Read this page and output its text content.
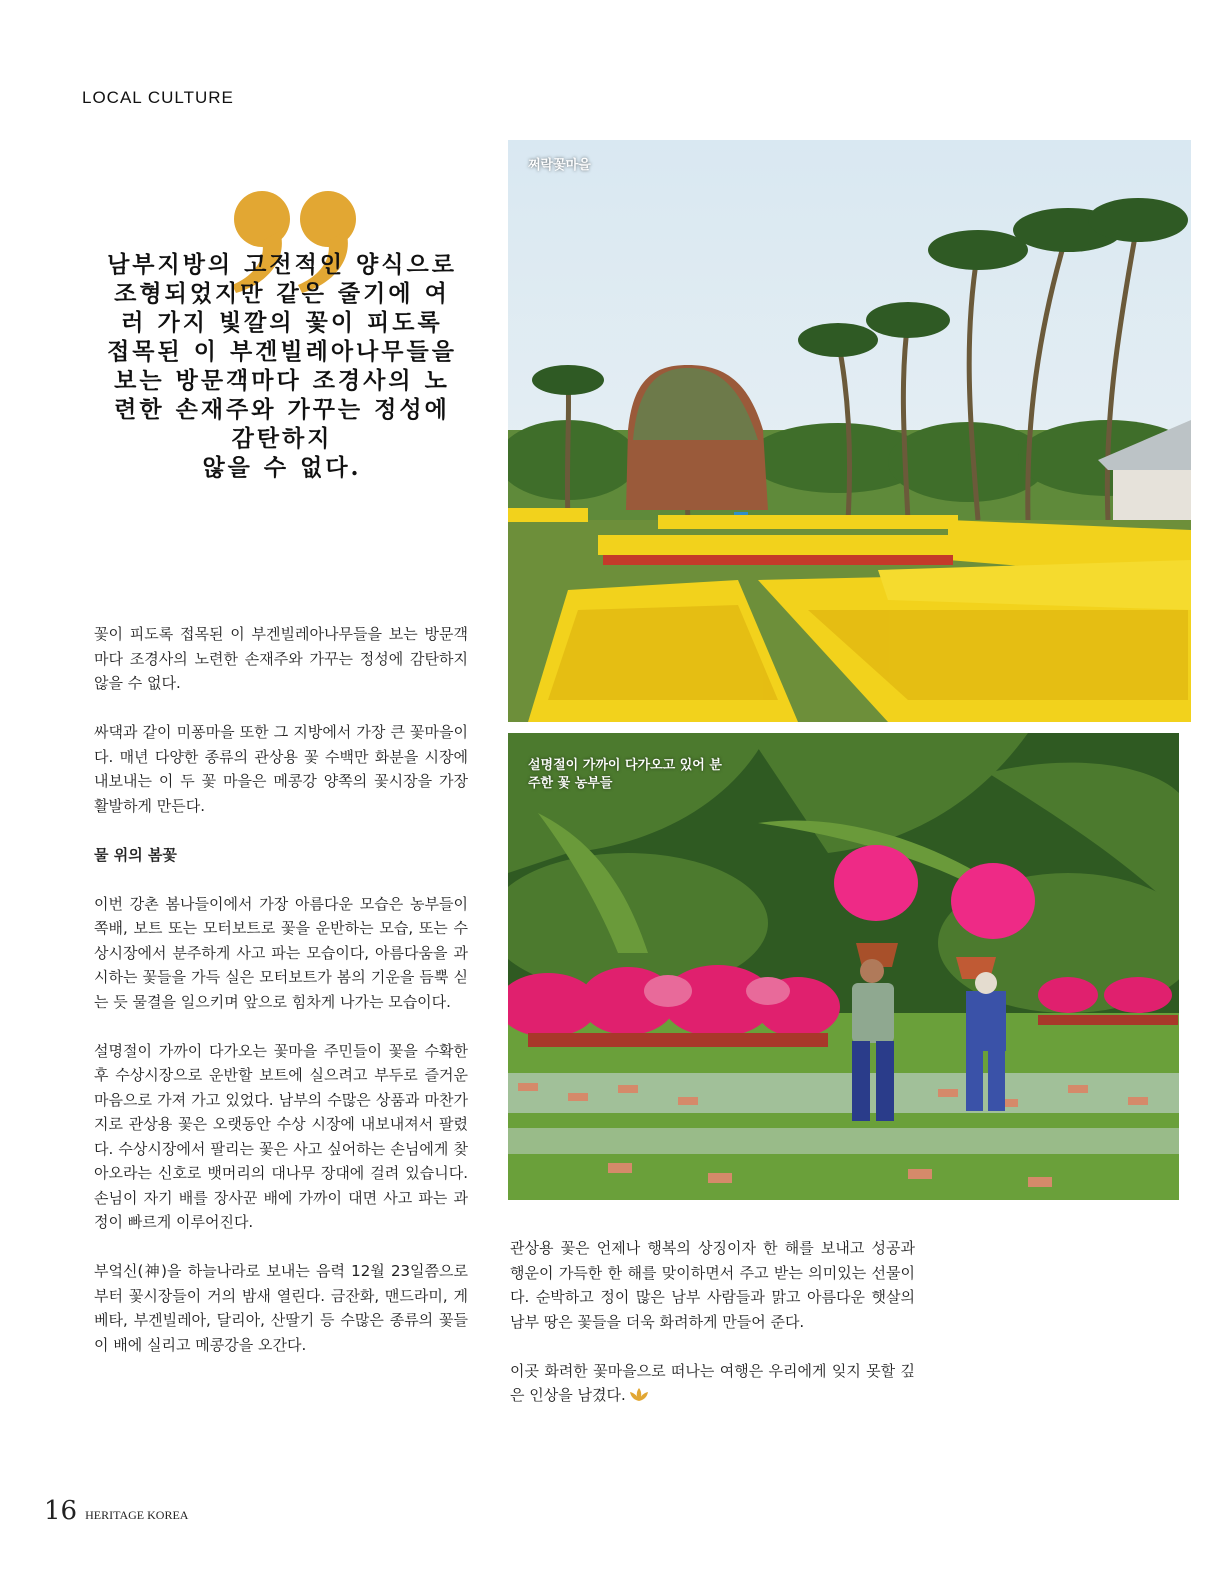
LOCAL CULTURE

남부지방의 고전적인 양식으로

조형되었지만 같은 줄기에 여

러 가지 빛깔의 꽃이 피도록

접목된 이 부겐빌레아나무들을

보는 방문객마다 조경사의 노

련한 손재주와 가꾸는 정성에

감탄하지

않을 수 없다.

꽃이 피도록 접목된 이 부겐빌레아나무들을 보는 방문객마다 조경사의 노련한 손재주와 가꾸는 정성에 감탄하지 않을 수 없다.

싸댁과 같이 미퐁마을 또한 그 지방에서 가장 큰 꽃마을이다. 매년 다양한 종류의 관상용 꽃 수백만 화분을 시장에 내보내는 이 두 꽃 마을은 메콩강 양쪽의 꽃시장을 가장 활발하게 만든다.

물 위의 봄꽃

이번 강촌 봄나들이에서 가장 아름다운 모습은 농부들이 쪽배, 보트 또는 모터보트로 꽃을 운반하는 모습, 또는 수상시장에서 분주하게 사고 파는 모습이다, 아름다움을 과시하는 꽃들을 가득 실은 모터보트가 봄의 기운을 듬뿍 싣는 듯 물결을 일으키며 앞으로 힘차게 나가는 모습이다.

설명절이 가까이 다가오는 꽃마을 주민들이 꽃을 수확한 후 수상시장으로 운반할 보트에 실으려고 부두로 즐거운 마음으로 가져 가고 있었다. 남부의 수많은 상품과 마찬가지로 관상용 꽃은 오랫동안 수상 시장에 내보내져서 팔렸다. 수상시장에서 팔리는 꽃은 사고 싶어하는 손님에게 찾아오라는 신호로 뱃머리의 대나무 장대에 걸려 있습니다. 손님이 자기 배를 장사꾼 배에 가까이 대면 사고 파는 과정이 빠르게 이루어진다.

부엌신(神)을 하늘나라로 보내는 음력 12월 23일쯤으로부터 꽃시장들이 거의 밤새 열린다. 금잔화, 맨드라미, 게베타, 부겐빌레아, 달리아, 산딸기 등 수많은 종류의 꽃들이 배에 실리고 메콩강을 오간다.

쩌락꽃마을
설명절이 가까이 다가오고 있어 분주한 꽃 농부들

관상용 꽃은 언제나 행복의 상징이자 한 해를 보내고 성공과 행운이 가득한 한 해를 맞이하면서 주고 받는 의미있는 선물이다. 순박하고 정이 많은 남부 사람들과 맑고 아름다운 햇살의 남부 땅은 꽃들을 더욱 화려하게 만들어 준다.

이곳 화려한 꽃마을으로 떠나는 여행은 우리에게 잊지 못할 깊은 인상을 남겼다.

16 HERITAGE KOREA
